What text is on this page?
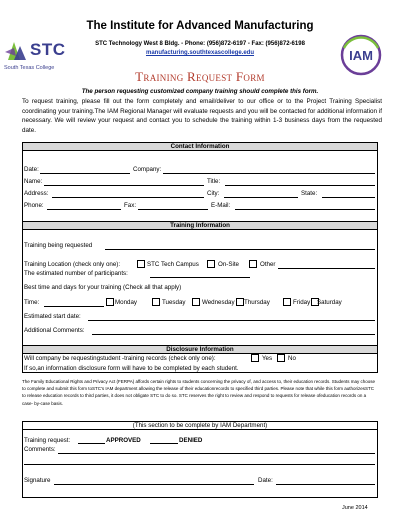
STC
South Texas College
The Institute for Advanced Manufacturing
STC Technology West 8 Bldg. - Phone: (956)872-6197 - Fax: (956)872-6198
manufacturing.southtexascollege.edu	IAM
Training Request Form
The person requesting customized company training should complete this form.
To request training, please fill out the form completely and email/deliver to our office or to the Project Training Specialist coordinating your training.The IAM Regional Manager will evaluate requests and you will be contacted for additional information if necessary. We will review your request and contact you to schedule the training within 1-3 business days from the requested date.
Contact Information
Date:	Company:
Name:	Title:
Address:	City:	State:
Phone:	Fax:	E-Mail:
Training Information
Training being requested
Training Location (check only one):	STC Tech Campus	On-Site	Other
The estimated number of participants:
Best time and days for your training (Check all that apply)
Time:	Monday	Tuesday	Wednesday Thursday	Friday Saturday
Estimated start date:
Additional Comments:
Disclosure Information
Will company be requestingstudent -training records (check only one):	Yes	No
If so,an information disclosure form will have to be completed by each student.
The Family Educational Rights and Privacy Act (FERPA) affords certain rights to students concerning the privacy of, and access to, their education records. Students may choose to complete and submit this form toSTC's IAM department allowing the release of their educationrecords to specified third parties. Please note that while this form authorizesSTC to release education records to third parties, it does not obligate STC to do so. STC reserves the right to review and respond to requests for release ofeducation records on a case- by-case basis.
(This section to be complete by IAM Department)
Training request:	APPROVED	DENIED
Comments:
Signature	Date:
June 2014
